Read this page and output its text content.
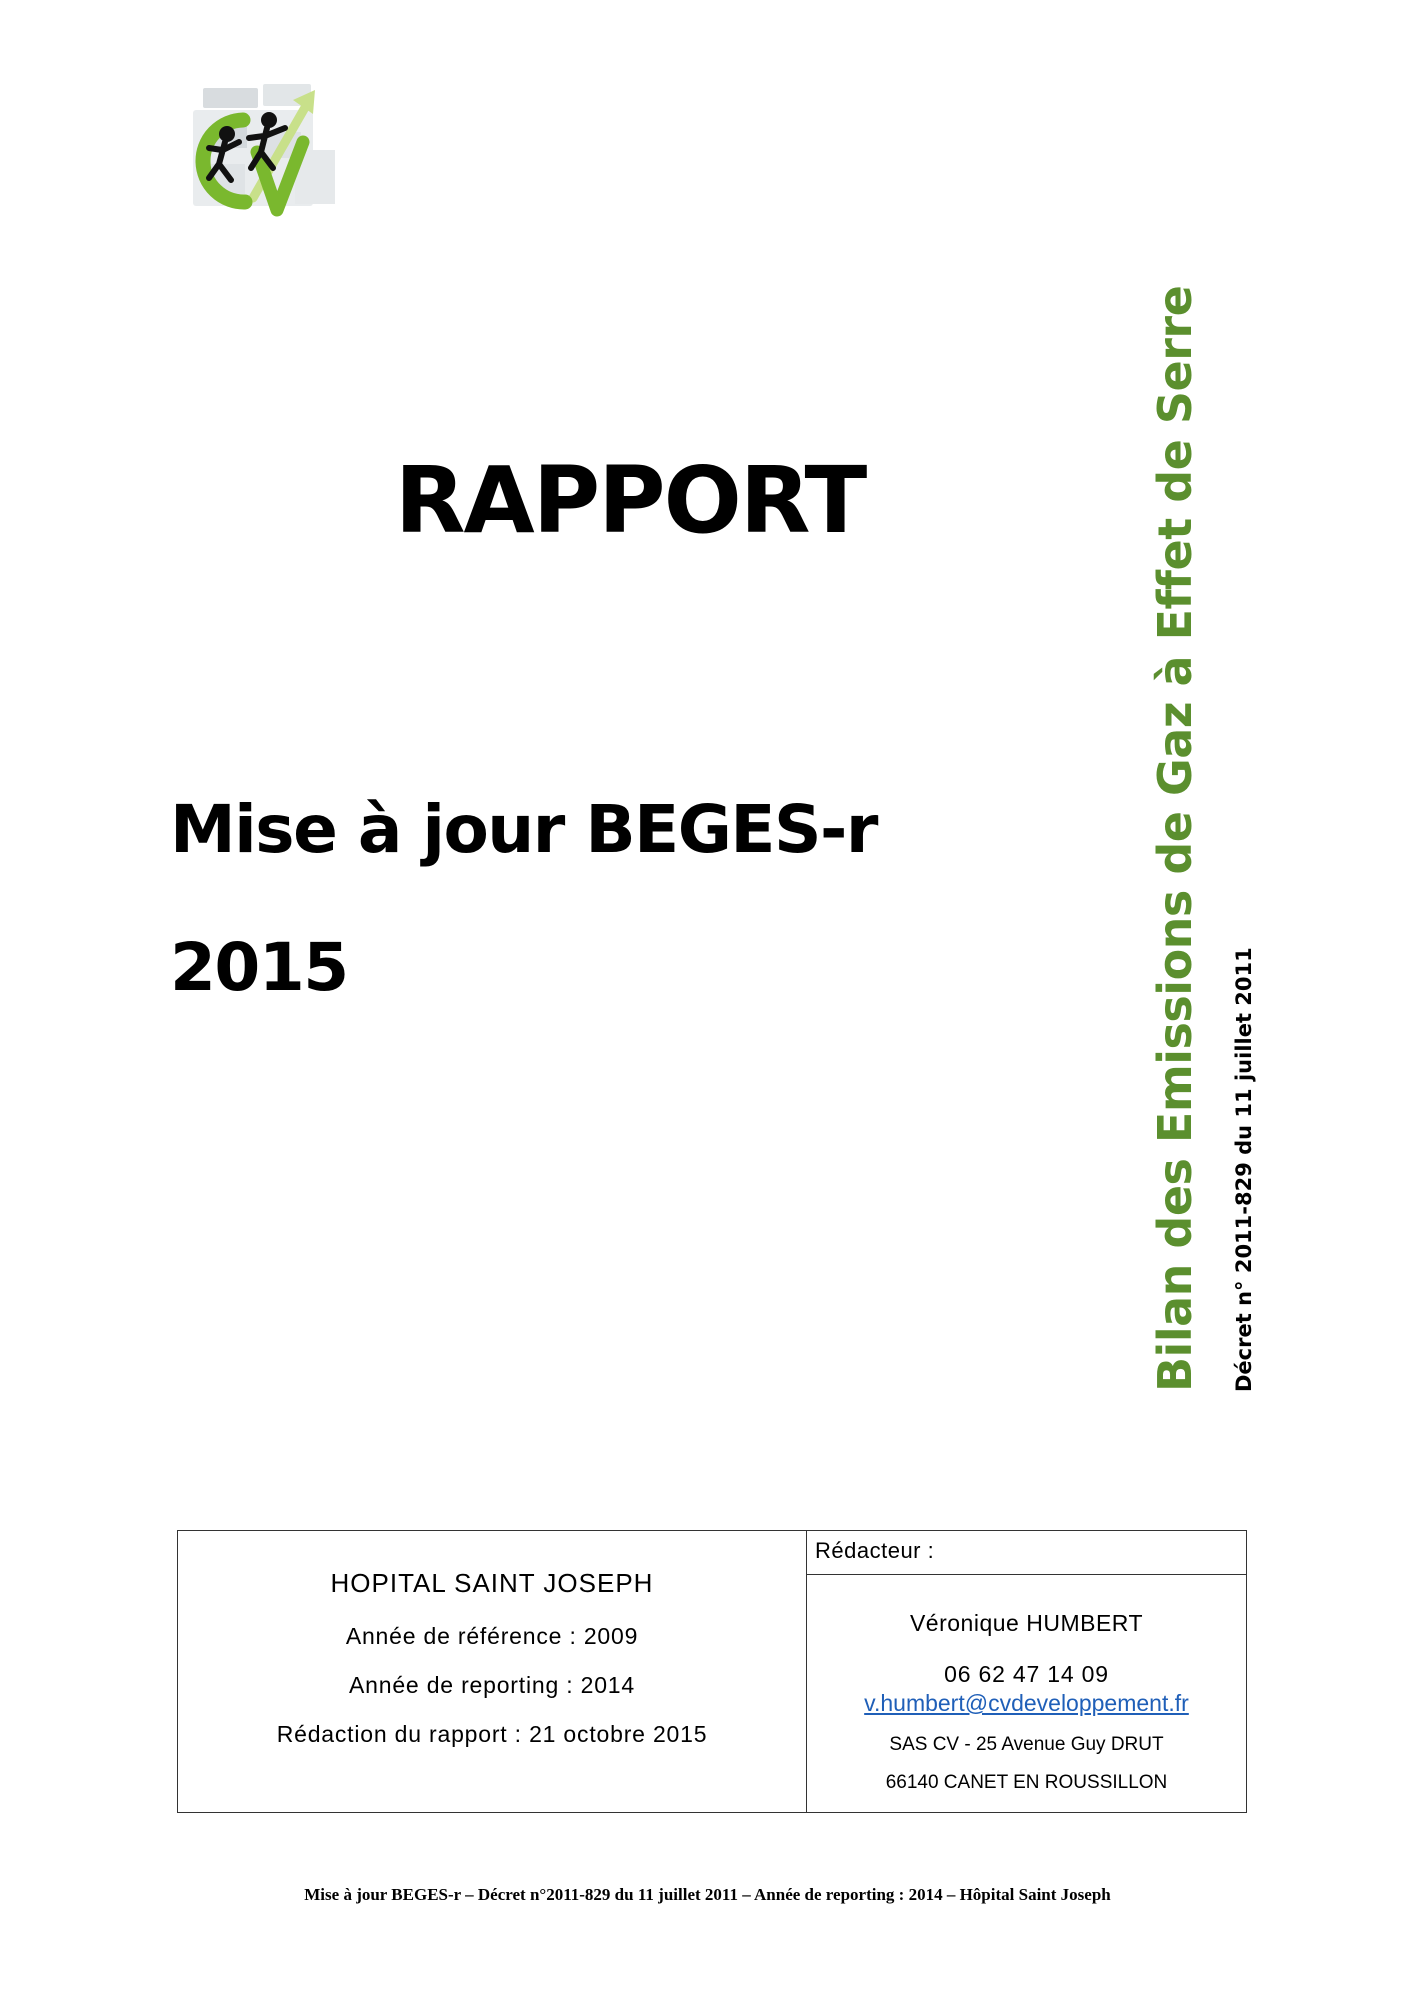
RAPPORT
Mise à jour BEGES-r
2015	Bilan des Emissions de Gaz à Effet de Serre Décret n° 2011-829 du 11 juillet 2011
HOPITAL SAINT JOSEPH
Année de référence : 2009
Année de reporting : 2014
Rédaction du rapport : 21 octobre 2015
Rédacteur :
Véronique HUMBERT
06 62 47 14 09
v.humbert@cvdeveloppement.fr
SAS CV - 25 Avenue Guy DRUT
66140 CANET EN ROUSSILLON
Mise à jour BEGES-r – Décret n°2011-829 du 11 juillet 2011 – Année de reporting : 2014 – Hôpital Saint Joseph
